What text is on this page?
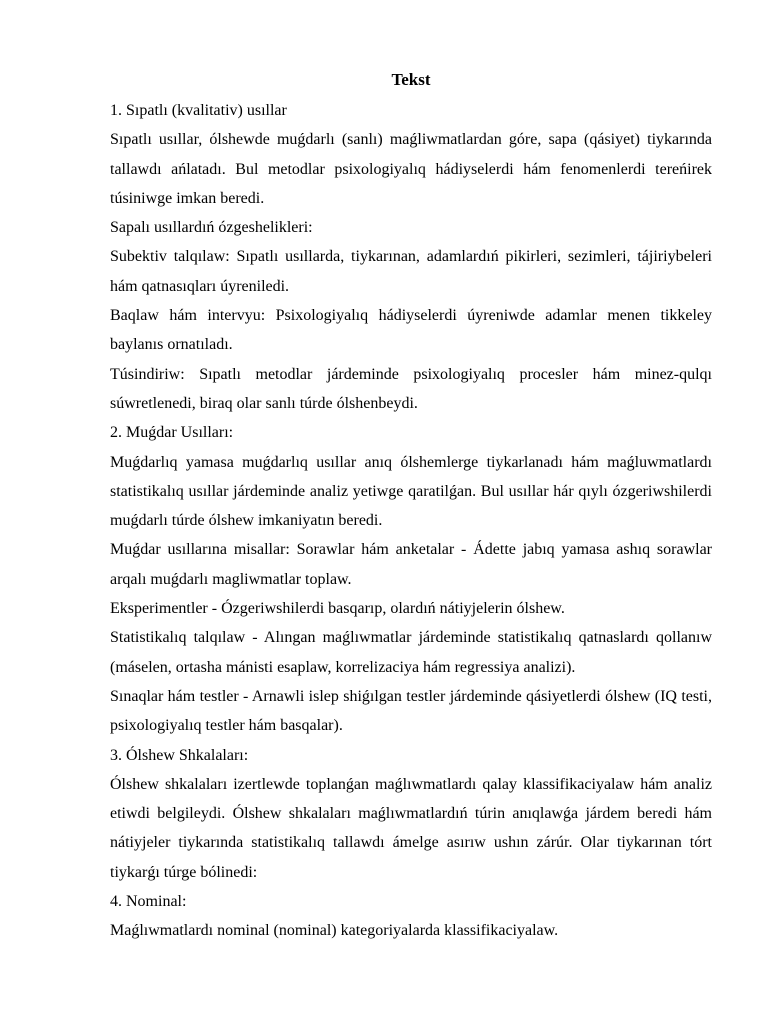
Tekst

1. Sıpatlı (kvalitativ) usıllar

Sıpatlı usıllar, ólshewde muǵdarlı (sanlı) maǵliwmatlardan góre, sapa (qásiyet) tiykarında tallawdı ańlatadı. Bul metodlar psixologiyalıq hádiyselerdi hám fenomenlerdi tereńirek túsiniwge imkan beredi.

Sapalı usıllardıń ózgeshelikleri:

Subektiv talqılaw: Sıpatlı usıllarda, tiykarınan, adamlardıń pikirleri, sezimleri, tájiriybeleri hám qatnasıqları úyreniledi.

Baqlaw hám intervyu: Psixologiyalıq hádiyselerdi úyreniwde adamlar menen tikkeley baylanıs ornatıladı.

Túsindiriw: Sıpatlı metodlar járdeminde psixologiyalıq procesler hám minez-qulqı súwretlenedi, biraq olar sanlı túrde ólshenbeydi.

2. Muǵdar Usılları:

Muǵdarlıq yamasa muǵdarlıq usıllar anıq ólshemlerge tiykarlanadı hám maǵluwmatlardı statistikalıq usıllar járdeminde analiz yetiwge qaratilǵan. Bul usıllar hár qıylı ózgeriwshilerdi muǵdarlı túrde ólshew imkaniyatın beredi.

Muǵdar usıllarına misallar: Sorawlar hám anketalar - Ádette jabıq yamasa ashıq sorawlar arqalı muǵdarlı magliwmatlar toplaw.

Eksperimentler - Ózgeriwshilerdi basqarıp, olardıń nátiyjelerin ólshew.

Statistikalıq talqılaw - Alıngan maǵlıwmatlar járdeminde statistikalıq qatnaslardı qollanıw (máselen, ortasha mánisti esaplaw, korrelizaciya hám regressiya analizi).

Sınaqlar hám testler - Arnawli islep shiǵılgan testler járdeminde qásiyetlerdi ólshew (IQ testi, psixologiyalıq testler hám basqalar).

3. Ólshew Shkalaları:

Ólshew shkalaları izertlewde toplanǵan maǵlıwmatlardı qalay klassifikaciyalaw hám analiz etiwdi belgileydi. Ólshew shkalaları maǵlıwmatlardıń túrin anıqlawǵa járdem beredi hám nátiyjeler tiykarında statistikalıq tallawdı ámelge asırıw ushın zárúr. Olar tiykarınan tórt tiykarǵı túrge bólinedi:

4. Nominal:

Maǵlıwmatlardı nominal (nominal) kategoriyalarda klassifikaciyalaw.
